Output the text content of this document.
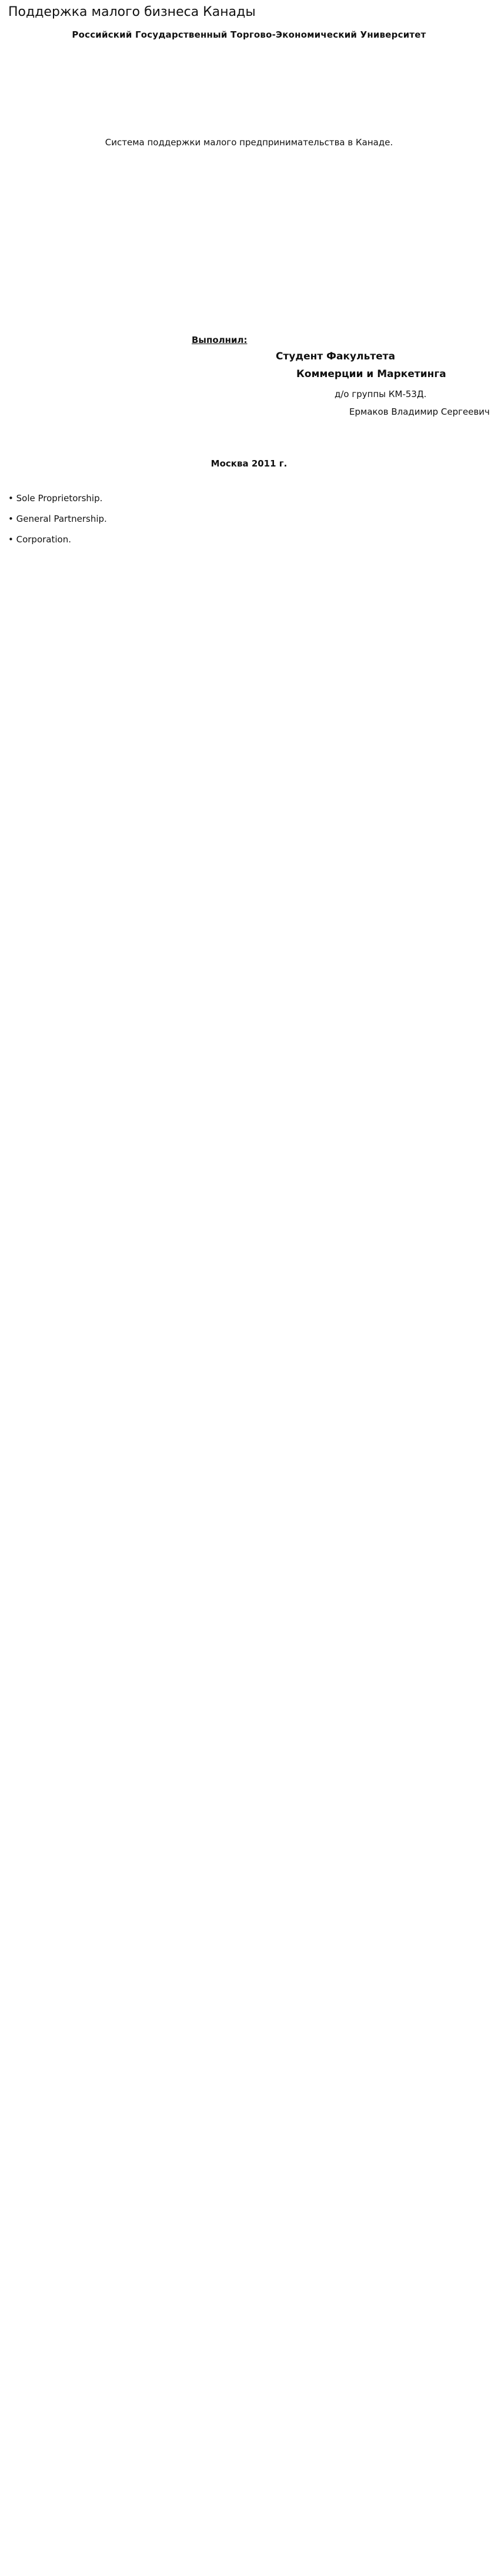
Поддержка малого бизнеса Канады
Российский Государственный Торгово-Экономический Университет
Система поддержки малого предпринимательства в Канаде.
Выполнил:
Студент Факультета
Коммерции и Маркетинга
д/о группы КМ-53Д.
Ермаков Владимир Сергеевич
Москва 2011 г.

• Sole Proprietorship.

• General Partnership.

• Corporation.
